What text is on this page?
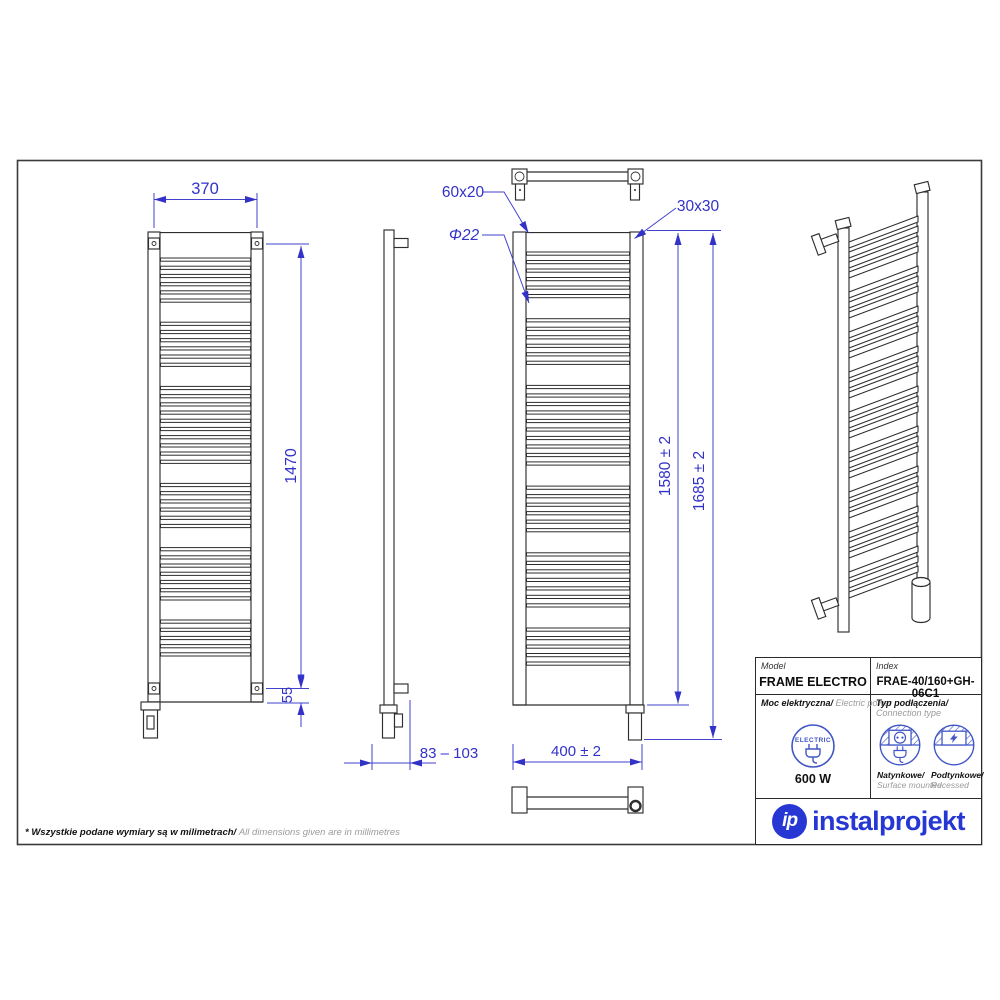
370
1470
55
60x20
Φ22
30x30
1580 ± 2 1685 ± 2
83 – 103	400 ± 2
Model
FRAME ELECTRO
Index
FRAE-40/160+GH-06C1
Moc elektryczna/ Electric power
ELECTRIC
600 W
Typ podłączenia/
Connection type
Natynkowe/
Surface mounted
Podtynkowe/
Recessed
ip instalprojekt
* Wszystkie podane wymiary są w milimetrach/ All dimensions given are in millimetres
